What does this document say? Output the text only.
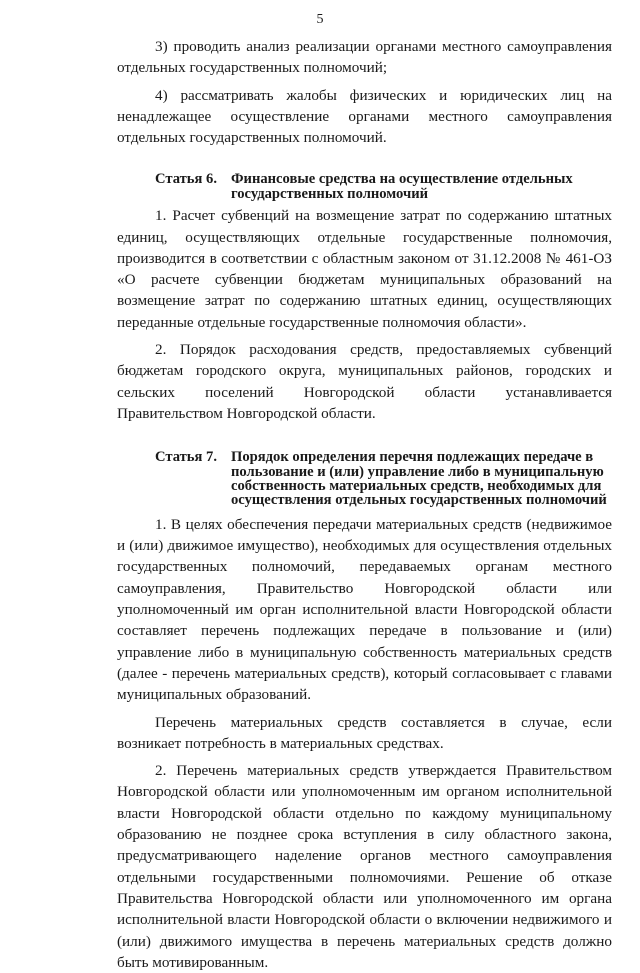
5

3) проводить анализ реализации органами местного самоуправления отдельных государственных полномочий;

4) рассматривать жалобы физических и юридических лиц на ненадлежащее осуществление органами местного самоуправления отдельных государственных полномочий.

Статья 6. Финансовые средства на осуществление отдельных государственных полномочий

1. Расчет субвенций на возмещение затрат по содержанию штатных единиц, осуществляющих отдельные государственные полномочия, производится в соответствии с областным законом от 31.12.2008 № 461-ОЗ «О расчете субвенции бюджетам муниципальных образований на возмещение затрат по содержанию штатных единиц, осуществляющих переданные отдельные государственные полномочия области».

2. Порядок расходования средств, предоставляемых субвенций бюджетам городского округа, муниципальных районов, городских и сельских поселений Новгородской области устанавливается Правительством Новгородской области.

Статья 7. Порядок определения перечня подлежащих передаче в пользование и (или) управление либо в муниципальную собственность материальных средств, необходимых для осуществления отдельных государственных полномочий

1. В целях обеспечения передачи материальных средств (недвижимое и (или) движимое имущество), необходимых для осуществления отдельных государственных полномочий, передаваемых органам местного самоуправления, Правительство Новгородской области или уполномоченный им орган исполнительной власти Новгородской области составляет перечень подлежащих передаче в пользование и (или) управление либо в муниципальную собственность материальных средств (далее - перечень материальных средств), который согласовывает с главами муниципальных образований.

Перечень материальных средств составляется в случае, если возникает потребность в материальных средствах.

2. Перечень материальных средств утверждается Правительством Новгородской области или уполномоченным им органом исполнительной власти Новгородской области отдельно по каждому муниципальному образованию не позднее срока вступления в силу областного закона, предусматривающего наделение органов местного самоуправления отдельными государственными полномочиями. Решение об отказе Правительства Новгородской области или уполномоченного им органа исполнительной власти Новгородской области о включении недвижимого и (или) движимого имущества в перечень материальных средств должно быть мотивированным.
